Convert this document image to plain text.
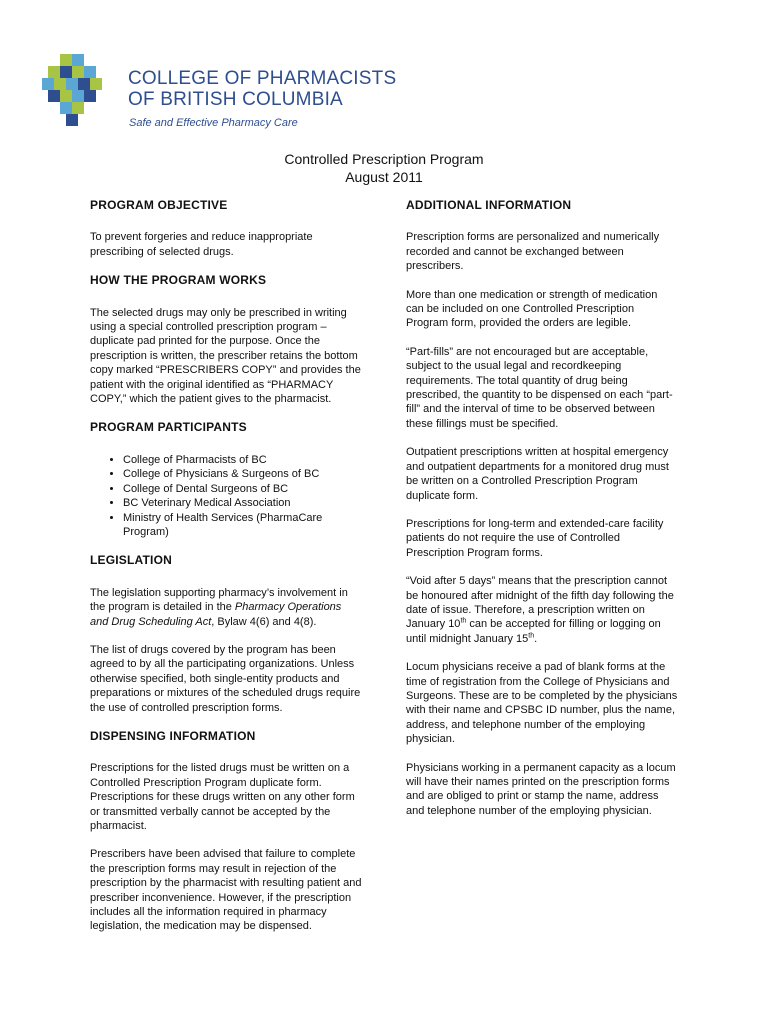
COLLEGE OF PHARMACISTS
OF BRITISH COLUMBIA
Safe and Effective Pharmacy Care
Controlled Prescription Program
August 2011
PROGRAM OBJECTIVE

To prevent forgeries and reduce inappropriate prescribing of selected drugs.

HOW THE PROGRAM WORKS

The selected drugs may only be prescribed in writing using a special controlled prescription program – duplicate pad printed for the purpose. Once the prescription is written, the prescriber retains the bottom copy marked “PRESCRIBERS COPY” and provides the patient with the original identified as “PHARMACY COPY,” which the patient gives to the pharmacist.

PROGRAM PARTICIPANTS
• College of Pharmacists of BC
• College of Physicians & Surgeons of BC
• College of Dental Surgeons of BC
• BC Veterinary Medical Association
• Ministry of Health Services (PharmaCare Program)
LEGISLATION

The legislation supporting pharmacy’s involvement in the program is detailed in the Pharmacy Operations and Drug Scheduling Act, Bylaw 4(6) and 4(8).

The list of drugs covered by the program has been agreed to by all the participating organizations. Unless otherwise specified, both single-entity products and preparations or mixtures of the scheduled drugs require the use of controlled prescription forms.

DISPENSING INFORMATION

Prescriptions for the listed drugs must be written on a Controlled Prescription Program duplicate form. Prescriptions for these drugs written on any other form or transmitted verbally cannot be accepted by the pharmacist.

Prescribers have been advised that failure to complete the prescription forms may result in rejection of the prescription by the pharmacist with resulting patient and prescriber inconvenience. However, if the prescription includes all the information required in pharmacy legislation, the medication may be dispensed.

ADDITIONAL INFORMATION

Prescription forms are personalized and numerically recorded and cannot be exchanged between prescribers.

More than one medication or strength of medication can be included on one Controlled Prescription Program form, provided the orders are legible.

“Part-fills” are not encouraged but are acceptable, subject to the usual legal and recordkeeping requirements. The total quantity of drug being prescribed, the quantity to be dispensed on each “part-fill” and the interval of time to be observed between these fillings must be specified.

Outpatient prescriptions written at hospital emergency and outpatient departments for a monitored drug must be written on a Controlled Prescription Program duplicate form.

Prescriptions for long-term and extended-care facility patients do not require the use of Controlled Prescription Program forms.

“Void after 5 days” means that the prescription cannot be honoured after midnight of the fifth day following the date of issue. Therefore, a prescription written on January 10th can be accepted for filling or logging on until midnight January 15th.

Locum physicians receive a pad of blank forms at the time of registration from the College of Physicians and Surgeons. These are to be completed by the physicians with their name and CPSBC ID number, plus the name, address, and telephone number of the employing physician.

Physicians working in a permanent capacity as a locum will have their names printed on the prescription forms and are obliged to print or stamp the name, address and telephone number of the employing physician.
